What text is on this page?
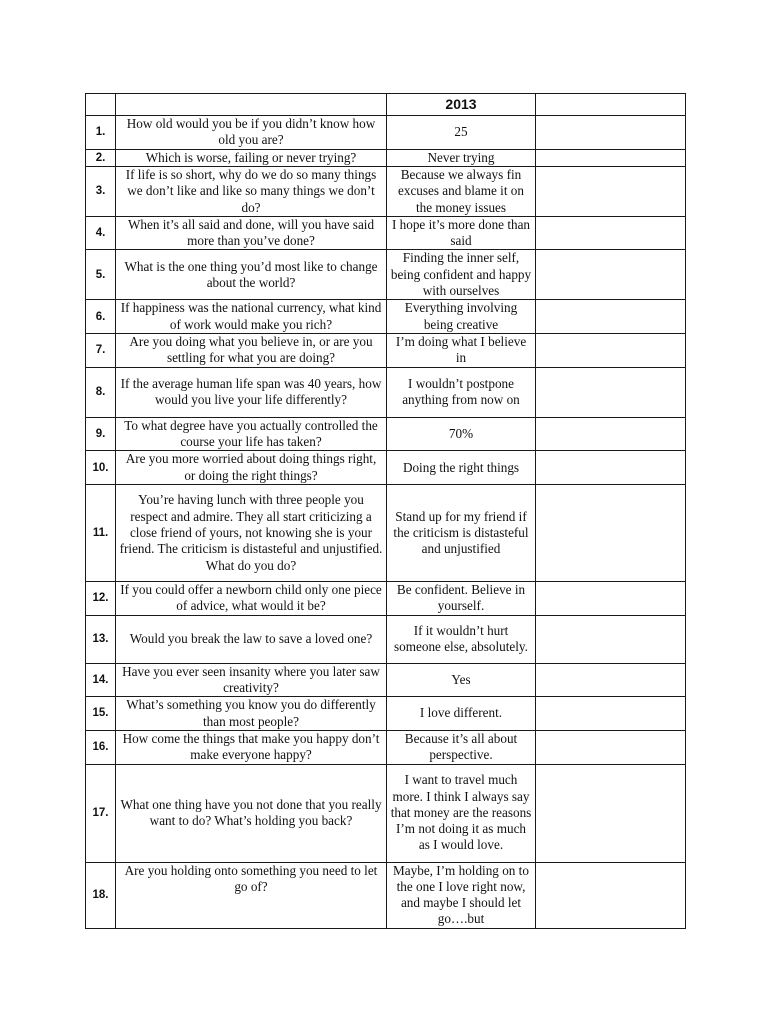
		2013	
1.	How old would you be if you didn’t know how old you are?	25	
2.	Which is worse, failing or never trying?	Never trying	
3.	If life is so short, why do we do so many things we don’t like and like so many things we don’t do?	Because we always fin excuses and blame it on the money issues	
4.	When it’s all said and done, will you have said more than you’ve done?	I hope it’s more done than said	
5.	What is the one thing you’d most like to change about the world?	Finding the inner self, being confident and happy with ourselves	
6.	If happiness was the national currency, what kind of work would make you rich?	Everything involving being creative	
7.	Are you doing what you believe in, or are you settling for what you are doing?	I’m doing what I believe in	
8.	If the average human life span was 40 years, how would you live your life differently?	I wouldn’t postpone anything from now on	
9.	To what degree have you actually controlled the course your life has taken?	70%	
10.	Are you more worried about doing things right, or doing the right things?	Doing the right things	
11.	You’re having lunch with three people you respect and admire. They all start criticizing a close friend of yours, not knowing she is your friend. The criticism is distasteful and unjustified. What do you do?	Stand up for my friend if the criticism is distasteful and unjustified	
12.	If you could offer a newborn child only one piece of advice, what would it be?	Be confident. Believe in yourself.	
13.	Would you break the law to save a loved one?	If it wouldn’t hurt someone else, absolutely.	
14.	Have you ever seen insanity where you later saw creativity?	Yes	
15.	What’s something you know you do differently than most people?	I love different.	
16.	How come the things that make you happy don’t make everyone happy?	Because it’s all about perspective.	
17.	What one thing have you not done that you really want to do? What’s holding you back?	I want to travel much more. I think I always say that money are the reasons I’m not doing it as much as I would love.	
18.	Are you holding onto something you need to let go of?	Maybe, I’m holding on to the one I love right now, and maybe I should let go….but	
